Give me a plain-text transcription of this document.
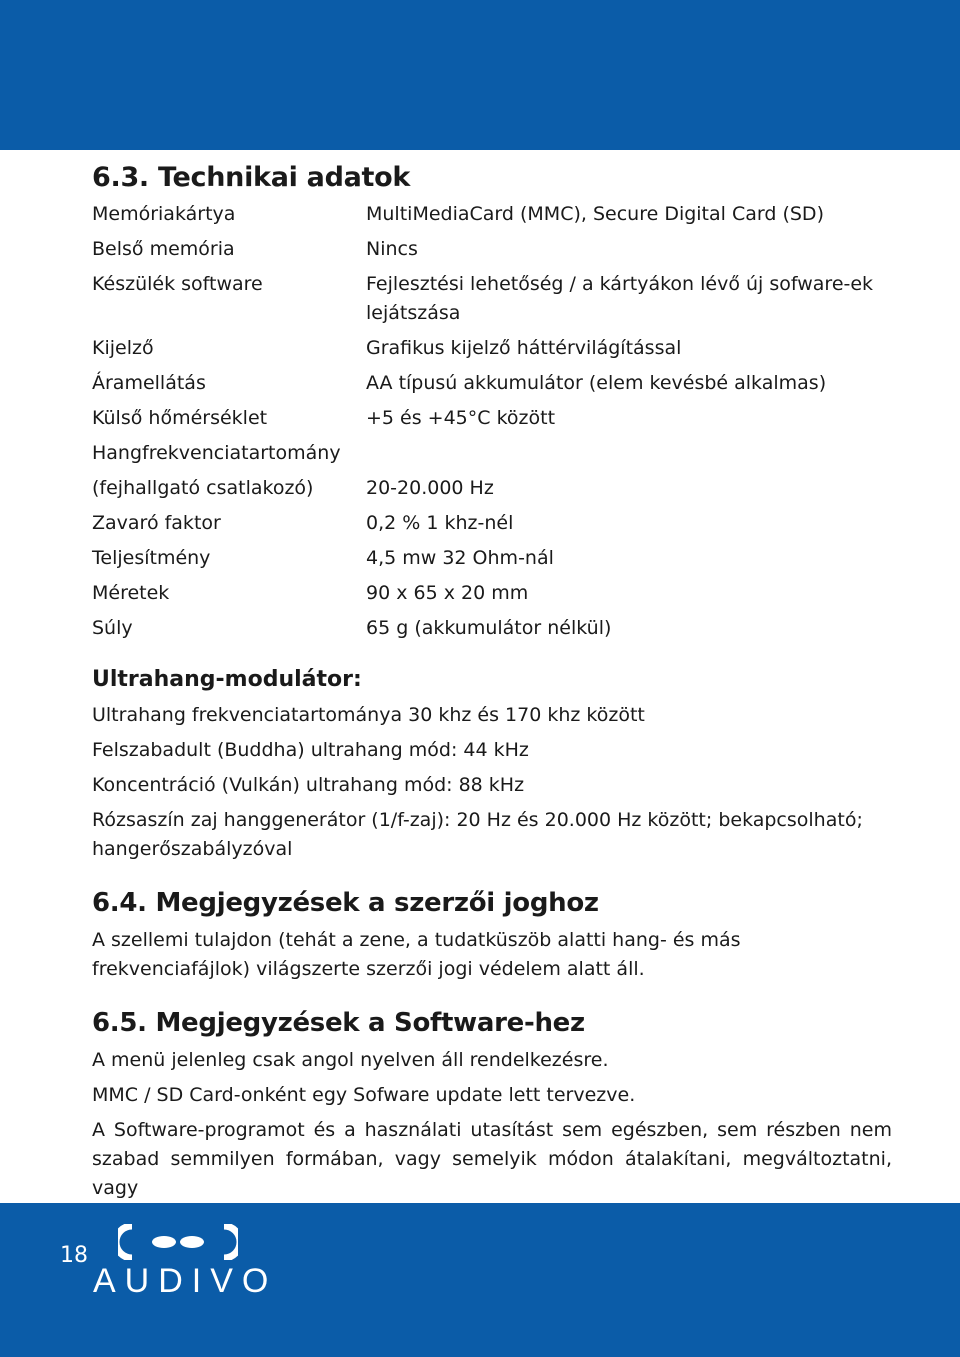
6.3. Technikai adatok
Memóriakártya	MultiMediaCard (MMC), Secure Digital Card (SD)
Belső memória	Nincs
Készülék software	Fejlesztési lehetőség / a kártyákon lévő új sofware-ek lejátszása
Kijelző	Grafikus kijelző háttérvilágítással
Áramellátás	AA típusú akkumulátor (elem kevésbé alkalmas)
Külső hőmérséklet	+5 és +45°C között
Hangfrekvenciatartomány
(fejhallgató csatlakozó)	20-20.000 Hz
Zavaró faktor	0,2 % 1 khz-nél
Teljesítmény	4,5 mw 32 Ohm-nál
Méretek	90 x 65 x 20 mm
Súly	65 g (akkumulátor nélkül)
Ultrahang-modulátor:

Ultrahang frekvenciatartománya 30 khz és 170 khz között

Felszabadult (Buddha) ultrahang mód: 44 kHz

Koncentráció (Vulkán) ultrahang mód: 88 kHz

Rózsaszín zaj hanggenerátor (1/f-zaj): 20 Hz és 20.000 Hz között; bekapcsolható; hangerőszabályzóval

6.4. Megjegyzések a szerzői joghoz

A szellemi tulajdon (tehát a zene, a tudatküszöb alatti hang- és más frekvenciafájlok) világszerte szerzői jogi védelem alatt áll.

6.5. Megjegyzések a Software-hez

A menü jelenleg csak angol nyelven áll rendelkezésre.

MMC / SD Card-onként egy Sofware update lett tervezve.

A Software-programot és a használati utasítást sem egészben, sem részben nem szabad semmilyen formában, vagy semelyik módon átalakítani, megváltoztatni, vagy

18
AUDIVO
